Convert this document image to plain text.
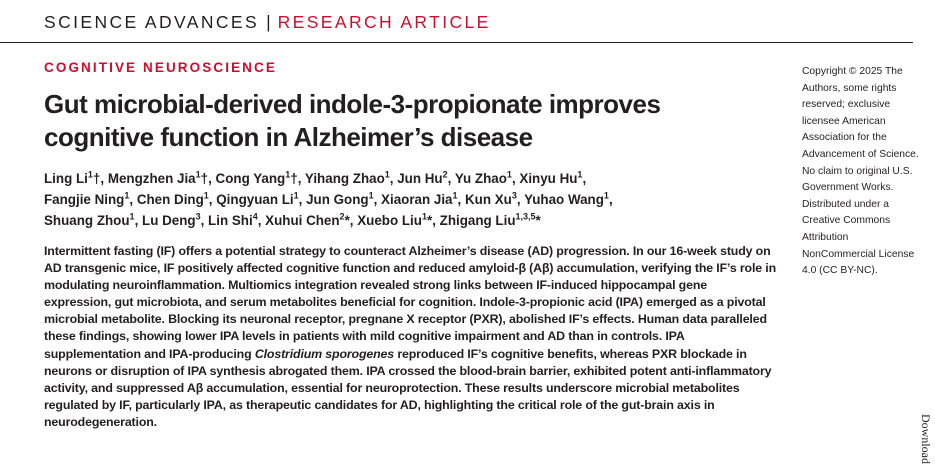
SCIENCE ADVANCES | RESEARCH ARTICLE
COGNITIVE NEUROSCIENCE
Gut microbial-derived indole-3-propionate improves cognitive function in Alzheimer’s disease
Ling Li$^1$†, Mengzhen Jia$^1$†, Cong Yang$^1$†, Yihang Zhao$^1$, Jun Hu$^2$, Yu Zhao$^1$, Xinyu Hu$^1$,
Fangjie Ning$^1$, Chen Ding$^1$, Qingyuan Li$^1$, Jun Gong$^1$, Xiaoran Jia$^1$, Kun Xu$^3$, Yuhao Wang$^1$,
Shuang Zhou$^1$, Lu Deng$^3$, Lin Shi$^4$, Xuhui Chen$^2$*, Xuebo Liu$^1$*, Zhigang Liu$^{1,3,5}$*

Intermittent fasting (IF) offers a potential strategy to counteract Alzheimer’s disease (AD) progression. In our 16-week study on AD transgenic mice, IF positively affected cognitive function and reduced amyloid-β (Aβ) accumulation, verifying the IF’s role in modulating neuroinflammation. Multiomics integration revealed strong links between IF-induced hippocampal gene expression, gut microbiota, and serum metabolites beneficial for cognition. Indole-3-propionic acid (IPA) emerged as a pivotal microbial metabolite. Blocking its neuronal receptor, pregnane X receptor (PXR), abolished IF’s effects. Human data paralleled these findings, showing lower IPA levels in patients with mild cognitive impairment and AD than in controls. IPA supplementation and IPA-producing Clostridium sporogenes reproduced IF’s cognitive benefits, whereas PXR blockade in neurons or disruption of IPA synthesis abrogated them. IPA crossed the blood-brain barrier, exhibited potent anti-inflammatory activity, and suppressed Aβ accumulation, essential for neuroprotection. These results underscore microbial metabolites regulated by IF, particularly IPA, as therapeutic candidates for AD, highlighting the critical role of the gut-brain axis in neurodegeneration.

Copyright © 2025 The Authors, some rights reserved; exclusive licensee American Association for the Advancement of Science. No claim to original U.S. Government Works. Distributed under a Creative Commons Attribution NonCommercial License 4.0 (CC BY-NC).
Download
